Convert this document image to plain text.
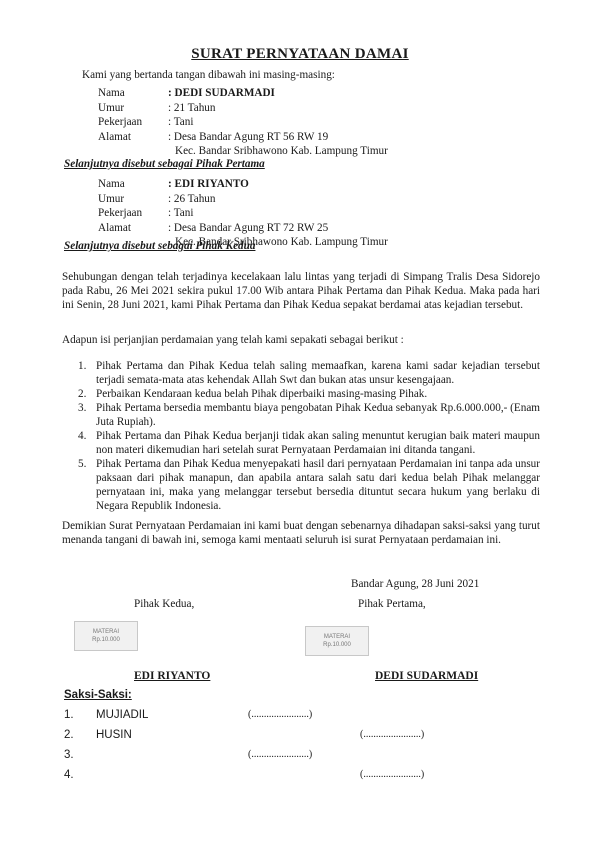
SURAT PERNYATAAN DAMAI
Kami yang bertanda tangan dibawah ini masing-masing:
Nama	: DEDI SUDARMADI
Umur	: 21 Tahun
Pekerjaan	: Tani
Alamat	: Desa Bandar Agung RT 56 RW 19
Kec. Bandar Sribhawono Kab. Lampung Timur
Selanjutnya disebut sebagai Pihak Pertama
Nama	: EDI RIYANTO
Umur	: 26 Tahun
Pekerjaan	: Tani
Alamat	: Desa Bandar Agung RT 72 RW 25
Kec. Bandar Sribhawono Kab. Lampung Timur
Selanjutnya disebut sebagai Pihak Kedua
Sehubungan dengan telah terjadinya kecelakaan lalu lintas yang terjadi di Simpang Tralis Desa Sidorejo pada Rabu, 26 Mei 2021 sekira pukul 17.00 Wib antara Pihak Pertama dan Pihak Kedua. Maka pada hari ini Senin, 28 Juni 2021, kami Pihak Pertama dan Pihak Kedua sepakat berdamai atas kejadian tersebut.
Adapun isi perjanjian perdamaian yang telah kami sepakati sebagai berikut :
1. Pihak Pertama dan Pihak Kedua telah saling memaafkan, karena kami sadar kejadian tersebut terjadi semata-mata atas kehendak Allah Swt dan bukan atas unsur kesengajaan.
2. Perbaikan Kendaraan kedua belah Pihak diperbaiki masing-masing Pihak.
3. Pihak Pertama bersedia membantu biaya pengobatan Pihak Kedua sebanyak Rp.6.000.000,- (Enam Juta Rupiah).
4. Pihak Pertama dan Pihak Kedua berjanji tidak akan saling menuntut kerugian baik materi maupun non materi dikemudian hari setelah surat Pernyataan Perdamaian ini ditanda tangani.
5. Pihak Pertama dan Pihak Kedua menyepakati hasil dari pernyataan Perdamaian ini tanpa ada unsur paksaan dari pihak manapun, dan apabila antara salah satu dari kedua belah Pihak melanggar pernyataan ini, maka yang melanggar tersebut bersedia dituntut secara hukum yang berlaku di Negara Republik Indonesia.
Demikian Surat Pernyataan Perdamaian ini kami buat dengan sebenarnya dihadapan saksi-saksi yang turut menanda tangani di bawah ini, semoga kami mentaati seluruh isi surat Pernyataan perdamaian ini.
Bandar Agung, 28 Juni 2021
Pihak Kedua,	Pihak Pertama,
MATERAI
Rp.10.000
MATERAI
Rp.10.000
EDI RIYANTO	DEDI SUDARMADI
Saksi-Saksi:
1. MUJIADIL	(.......................)
2. HUSIN	(.......................)
3.	(.......................)
4.	(.......................)
